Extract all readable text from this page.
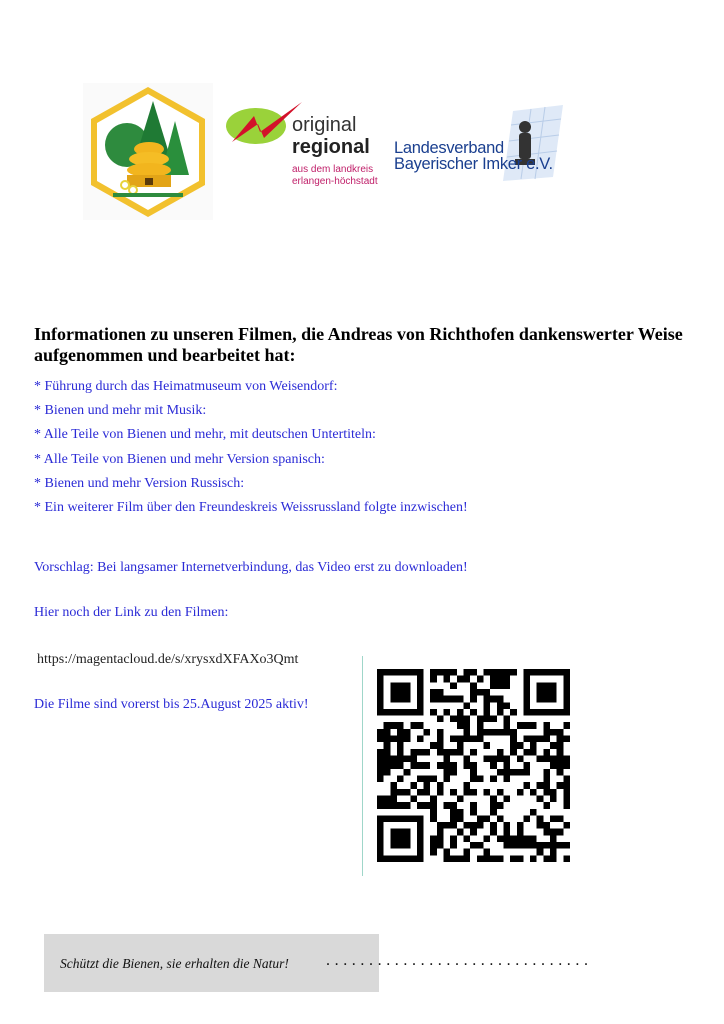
original
regional
aus dem landkreis
erlangen-höchstadt
Landesverband
Bayerischer Imker e.V.
Informationen zu unseren Filmen, die Andreas von Richthofen dankenswerter Weise aufgenommen und bearbeitet hat:
* Führung durch das Heimatmuseum von Weisendorf:
* Bienen und mehr mit Musik:
* Alle Teile von Bienen und mehr, mit deutschen Untertiteln:
* Alle Teile von Bienen und mehr Version spanisch:
* Bienen und mehr Version Russisch:
* Ein weiterer Film über den Freundeskreis Weissrussland folgte inzwischen!
Vorschlag: Bei langsamer Internetverbindung, das Video erst zu downloaden!
Hier noch der Link zu den Filmen:
https://magentacloud.de/s/xrysxdXFAXo3Qmt
Die Filme sind vorerst bis 25.August 2025 aktiv!
Schützt die Bienen, sie erhalten die Natur! ...............................
